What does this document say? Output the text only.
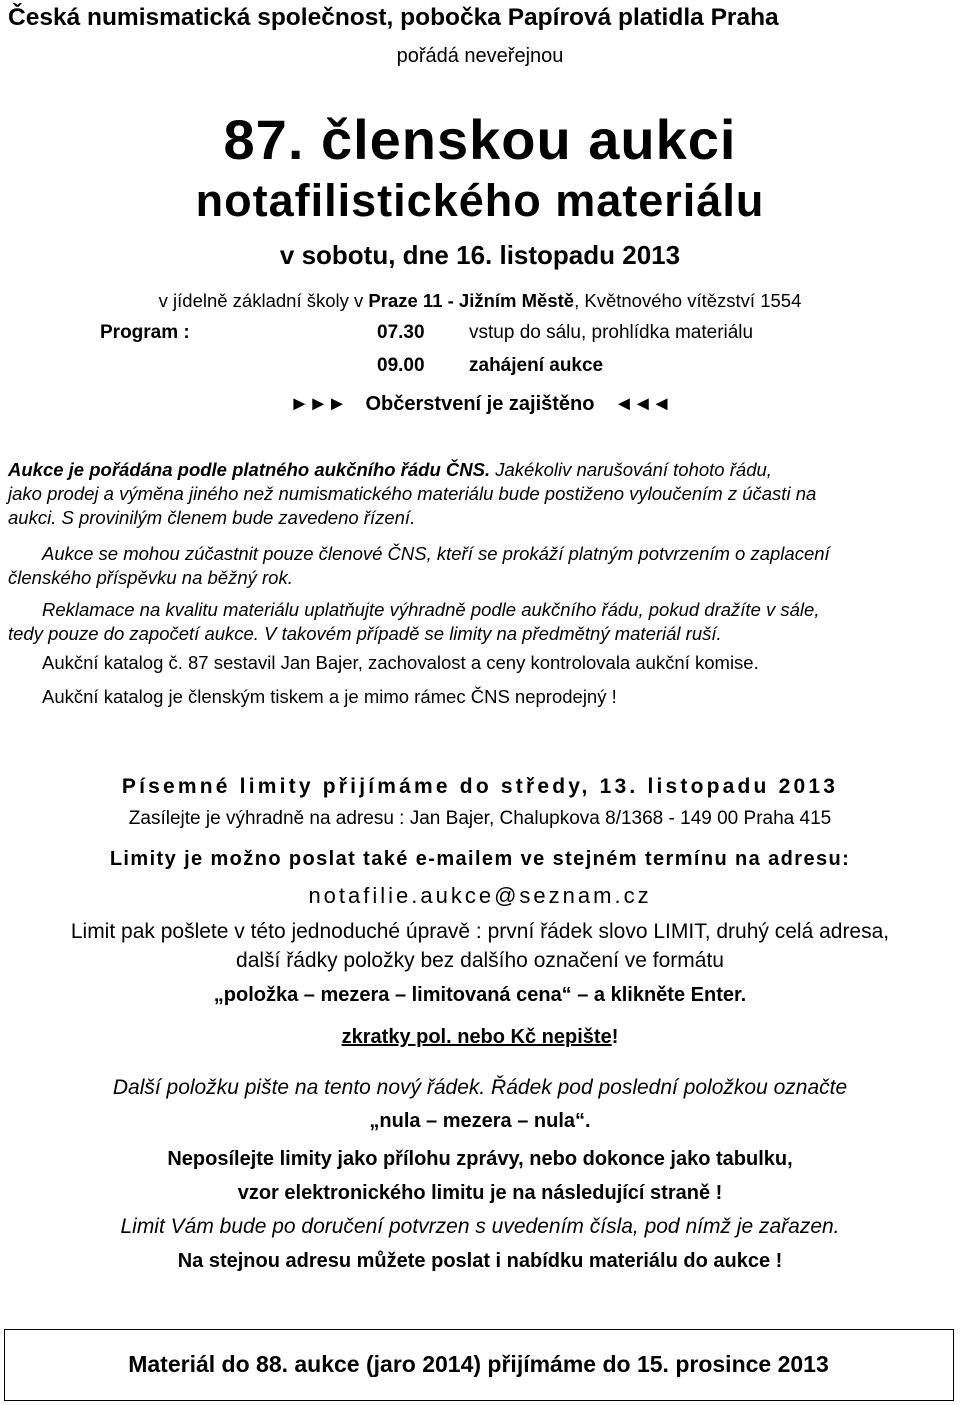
Česká numismatická společnost, pobočka Papírová platidla Praha
pořádá neveřejnou
87. členskou aukci
notafilistického materiálu
v sobotu, dne 16. listopadu 2013
v jídelně základní školy v Praze 11 - Jižním Městě, Květnového vítězství 1554
Program :	07.30 vstup do sálu, prohlídka materiálu
09.00 zahájení aukce
►►► Občerstvení je zajištěno ◄◄◄
Aukce je pořádána podle platného aukčního řádu ČNS. Jakékoliv narušování tohoto řádu,
jako prodej a výměna jiného než numismatického materiálu bude postiženo vyloučením z účasti na
aukci. S provinilým členem bude zavedeno řízení.
Aukce se mohou zúčastnit pouze členové ČNS, kteří se prokáží platným potvrzením o zaplacení
členského příspěvku na běžný rok.
Reklamace na kvalitu materiálu uplatňujte výhradně podle aukčního řádu, pokud dražíte v sále,
tedy pouze do započetí aukce. V takovém případě se limity na předmětný materiál ruší.
Aukční katalog č. 87 sestavil Jan Bajer, zachovalost a ceny kontrolovala aukční komise.
Aukční katalog je členským tiskem a je mimo rámec ČNS neprodejný !
Písemné limity přijímáme do středy, 13. listopadu 2013
Zasílejte je výhradně na adresu : Jan Bajer, Chalupkova 8/1368 - 149 00 Praha 415
Limity je možno poslat také e-mailem ve stejném termínu na adresu:
notafilie.aukce@seznam.cz
Limit pak pošlete v této jednoduché úpravě : první řádek slovo LIMIT, druhý celá adresa,
další řádky položky bez dalšího označení ve formátu
„položka – mezera – limitovaná cena“ – a klikněte Enter.
zkratky pol. nebo Kč nepište!
Další položku pište na tento nový řádek. Řádek pod poslední položkou označte
„nula – mezera – nula“.
Neposílejte limity jako přílohu zprávy, nebo dokonce jako tabulku,
vzor elektronického limitu je na následující straně !
Limit Vám bude po doručení potvrzen s uvedením čísla, pod nímž je zařazen.
Na stejnou adresu můžete poslat i nabídku materiálu do aukce !
Materiál do 88. aukce (jaro 2014) přijímáme do 15. prosince 2013
